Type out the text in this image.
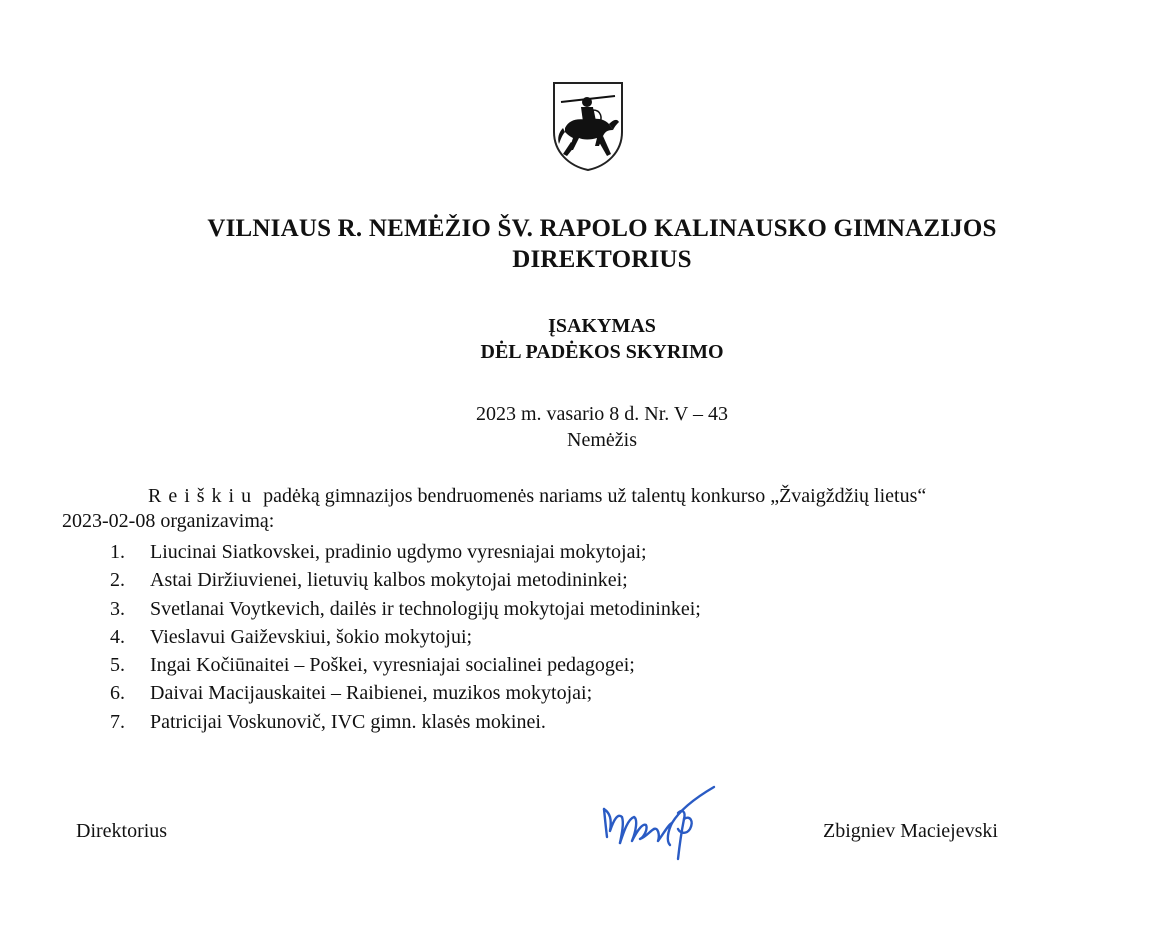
VILNIAUS R. NEMĖŽIO ŠV. RAPOLO KALINAUSKO GIMNAZIJOS
DIREKTORIUS
ĮSAKYMAS
DĖL PADĖKOS SKYRIMO
2023 m. vasario 8 d. Nr. V – 43
Nemėžis
Reiškiu padėką gimnazijos bendruomenės nariams už talentų konkurso „Žvaigždžių lietus“
2023-02-08 organizavimą:
1.	Liucinai Siatkovskei, pradinio ugdymo vyresniajai mokytojai;
2.	Astai Diržiuvienei, lietuvių kalbos mokytojai metodininkei;
3.	Svetlanai Voytkevich, dailės ir technologijų mokytojai metodininkei;
4.	Vieslavui Gaiževskiui, šokio mokytojui;
5.	Ingai Kočiūnaitei – Poškei, vyresniajai socialinei pedagogei;
6.	Daivai Macijauskaitei – Raibienei, muzikos mokytojai;
7.	Patricijai Voskunovič, IVC gimn. klasės mokinei.
Direktorius	Zbigniev Maciejevski
